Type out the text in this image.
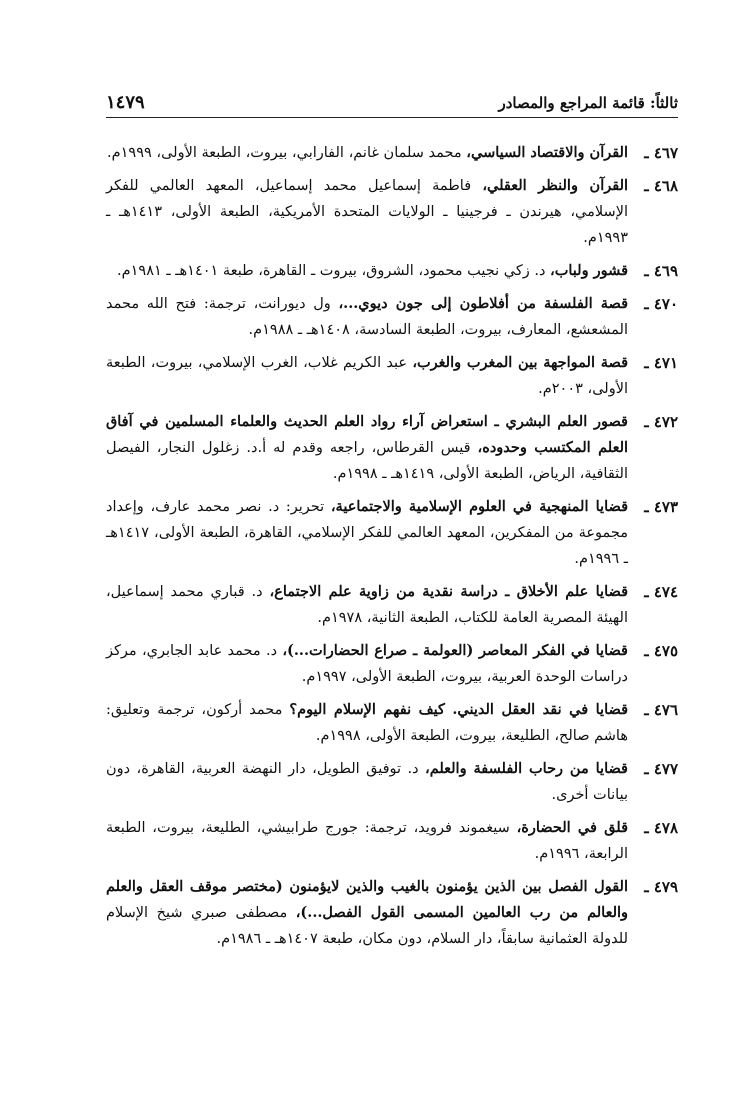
ثالثاً: قائمة المراجع والمصادر
١٤٧٩
٤٦٧ ـ
القرآن والاقتصاد السياسي، محمد سلمان غانم، الفارابي، بيروت، الطبعة الأولى، ١٩٩٩م.
٤٦٨ ـ
القرآن والنظر العقلي، فاطمة إسماعيل محمد إسماعيل، المعهد العالمي للفكر الإسلامي، هيرندن ـ فرجينيا ـ الولايات المتحدة الأمريكية، الطبعة الأولى، ١٤١٣هـ ـ ١٩٩٣م.
٤٦٩ ـ
قشور ولباب، د. زكي نجيب محمود، الشروق، بيروت ـ القاهرة، طبعة ١٤٠١هـ ـ ١٩٨١م.
٤٧٠ ـ
قصة الفلسفة من أفلاطون إلى جون ديوي...، ول ديورانت، ترجمة: فتح الله محمد المشعشع، المعارف، بيروت، الطبعة السادسة، ١٤٠٨هـ ـ ١٩٨٨م.
٤٧١ ـ
قصة المواجهة بين المغرب والغرب، عبد الكريم غلاب، الغرب الإسلامي، بيروت، الطبعة الأولى، ٢٠٠٣م.
٤٧٢ ـ
قصور العلم البشري ـ استعراض آراء رواد العلم الحديث والعلماء المسلمين في آفاق العلم المكتسب وحدوده، قيس القرطاس، راجعه وقدم له أ.د. زغلول النجار، الفيصل الثقافية، الرياض، الطبعة الأولى، ١٤١٩هـ ـ ١٩٩٨م.
٤٧٣ ـ
قضايا المنهجية في العلوم الإسلامية والاجتماعية، تحرير: د. نصر محمد عارف، وإعداد مجموعة من المفكرين، المعهد العالمي للفكر الإسلامي، القاهرة، الطبعة الأولى، ١٤١٧هـ ـ ١٩٩٦م.
٤٧٤ ـ
قضايا علم الأخلاق ـ دراسة نقدية من زاوية علم الاجتماع، د. قباري محمد إسماعيل، الهيئة المصرية العامة للكتاب، الطبعة الثانية، ١٩٧٨م.
٤٧٥ ـ
قضايا في الفكر المعاصر (العولمة ـ صراع الحضارات...)، د. محمد عابد الجابري، مركز دراسات الوحدة العربية، بيروت، الطبعة الأولى، ١٩٩٧م.
٤٧٦ ـ
قضايا في نقد العقل الديني. كيف نفهم الإسلام اليوم؟ محمد أركون، ترجمة وتعليق: هاشم صالح، الطليعة، بيروت، الطبعة الأولى، ١٩٩٨م.
٤٧٧ ـ
قضايا من رحاب الفلسفة والعلم، د. توفيق الطويل، دار النهضة العربية، القاهرة، دون بيانات أخرى.
٤٧٨ ـ
قلق في الحضارة، سيغموند فرويد، ترجمة: جورج طرابيشي، الطليعة، بيروت، الطبعة الرابعة، ١٩٩٦م.
٤٧٩ ـ
القول الفصل بين الذين يؤمنون بالغيب والذين لايؤمنون (مختصر موقف العقل والعلم والعالم من رب العالمين المسمى القول الفصل...)، مصطفى صبري شيخ الإسلام للدولة العثمانية سابقاً، دار السلام، دون مكان، طبعة ١٤٠٧هـ ـ ١٩٨٦م.
